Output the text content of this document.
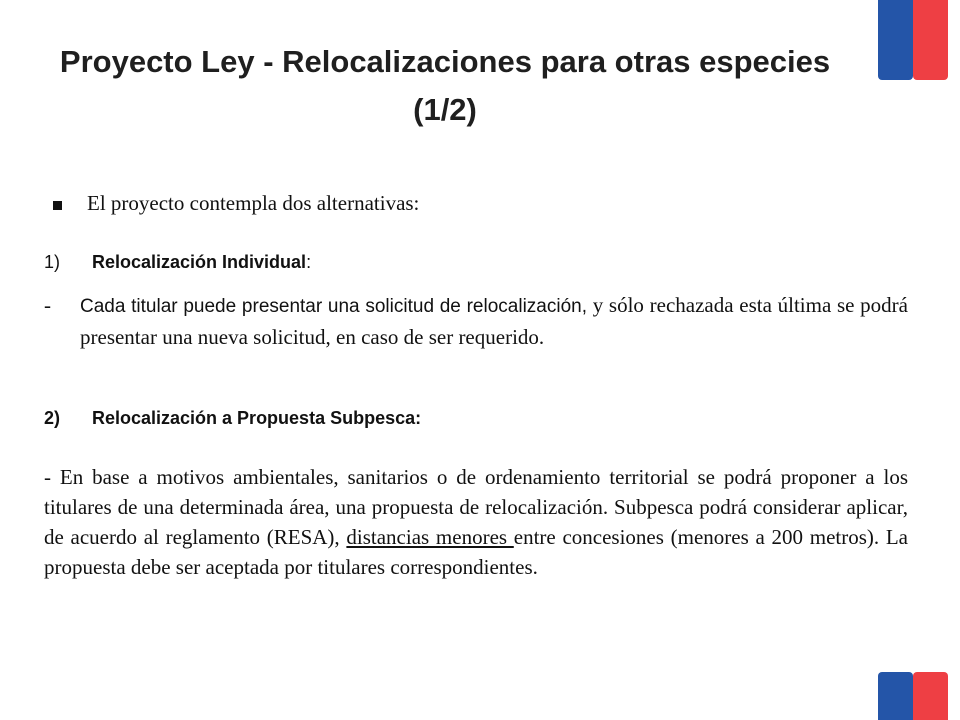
Proyecto Ley - Relocalizaciones para otras especies (1/2)
El proyecto contempla dos alternativas:
1)	Relocalización Individual:
-	Cada titular puede presentar una solicitud de relocalización, y sólo rechazada esta última se podrá presentar una nueva solicitud, en caso de ser requerido.
2)	Relocalización a Propuesta Subpesca:
- En base a motivos ambientales, sanitarios o de ordenamiento territorial se podrá proponer a los titulares de una determinada área, una propuesta de relocalización. Subpesca podrá considerar aplicar, de acuerdo al reglamento (RESA), distancias menores entre concesiones (menores a 200 metros). La propuesta debe ser aceptada por titulares correspondientes.
